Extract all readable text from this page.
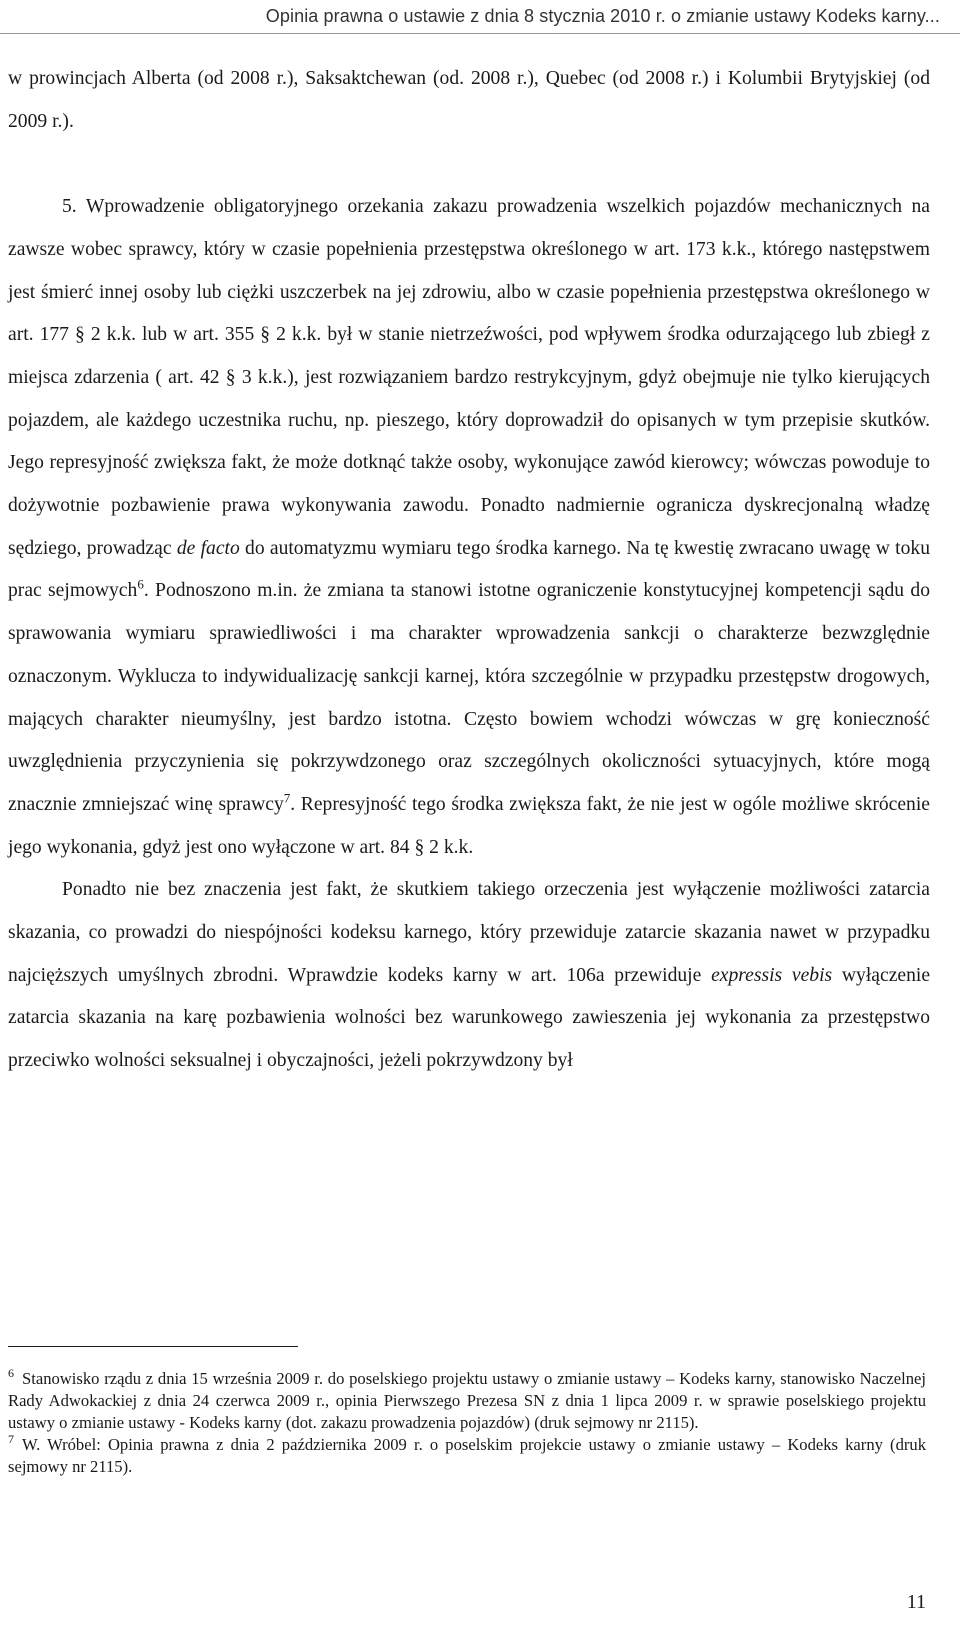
Opinia prawna o ustawie z dnia 8 stycznia 2010 r. o zmianie ustawy Kodeks karny...

w prowincjach Alberta (od 2008 r.), Saksaktchewan (od. 2008 r.), Quebec (od 2008 r.) i Kolumbii Brytyjskiej (od 2009 r.).

5. Wprowadzenie obligatoryjnego orzekania zakazu prowadzenia wszelkich pojazdów mechanicznych na zawsze wobec sprawcy, który w czasie popełnienia przestępstwa określonego w art. 173 k.k., którego następstwem jest śmierć innej osoby lub ciężki uszczerbek na jej zdrowiu, albo w czasie popełnienia przestępstwa określonego w art. 177 § 2 k.k. lub w art. 355 § 2 k.k. był w stanie nietrzeźwości, pod wpływem środka odurzającego lub zbiegł z miejsca zdarzenia ( art. 42 § 3 k.k.), jest rozwiązaniem bardzo restrykcyjnym, gdyż obejmuje nie tylko kierujących pojazdem, ale każdego uczestnika ruchu, np. pieszego, który doprowadził do opisanych w tym przepisie skutków. Jego represyjność zwiększa fakt, że może dotknąć także osoby, wykonujące zawód kierowcy; wówczas powoduje to dożywotnie pozbawienie prawa wykonywania zawodu. Ponadto nadmiernie ogranicza dyskrecjonalną władzę sędziego, prowadząc de facto do automatyzmu wymiaru tego środka karnego. Na tę kwestię zwracano uwagę w toku prac sejmowych$^6$. Podnoszono m.in. że zmiana ta stanowi istotne ograniczenie konstytucyjnej kompetencji sądu do sprawowania wymiaru sprawiedliwości i ma charakter wprowadzenia sankcji o charakterze bezwzględnie oznaczonym. Wyklucza to indywidualizację sankcji karnej, która szczególnie w przypadku przestępstw drogowych, mających charakter nieumyślny, jest bardzo istotna. Często bowiem wchodzi wówczas w grę konieczność uwzględnienia przyczynienia się pokrzywdzonego oraz szczególnych okoliczności sytuacyjnych, które mogą znacznie zmniejszać winę sprawcy$^7$. Represyjność tego środka zwiększa fakt, że nie jest w ogóle możliwe skrócenie jego wykonania, gdyż jest ono wyłączone w art. 84 § 2 k.k.

Ponadto nie bez znaczenia jest fakt, że skutkiem takiego orzeczenia jest wyłączenie możliwości zatarcia skazania, co prowadzi do niespójności kodeksu karnego, który przewiduje zatarcie skazania nawet w przypadku najcięższych umyślnych zbrodni. Wprawdzie kodeks karny w art. 106a przewiduje expressis vebis wyłączenie zatarcia skazania na karę pozbawienia wolności bez warunkowego zawieszenia jej wykonania za przestępstwo przeciwko wolności seksualnej i obyczajności, jeżeli pokrzywdzony był

$^6$ Stanowisko rządu z dnia 15 września 2009 r. do poselskiego projektu ustawy o zmianie ustawy – Kodeks karny, stanowisko Naczelnej Rady Adwokackiej z dnia 24 czerwca 2009 r., opinia Pierwszego Prezesa SN z dnia 1 lipca 2009 r. w sprawie poselskiego projektu ustawy o zmianie ustawy - Kodeks karny (dot. zakazu prowadzenia pojazdów) (druk sejmowy nr 2115).

$^7$ W. Wróbel: Opinia prawna z dnia 2 października 2009 r. o poselskim projekcie ustawy o zmianie ustawy – Kodeks karny (druk sejmowy nr 2115).

11
